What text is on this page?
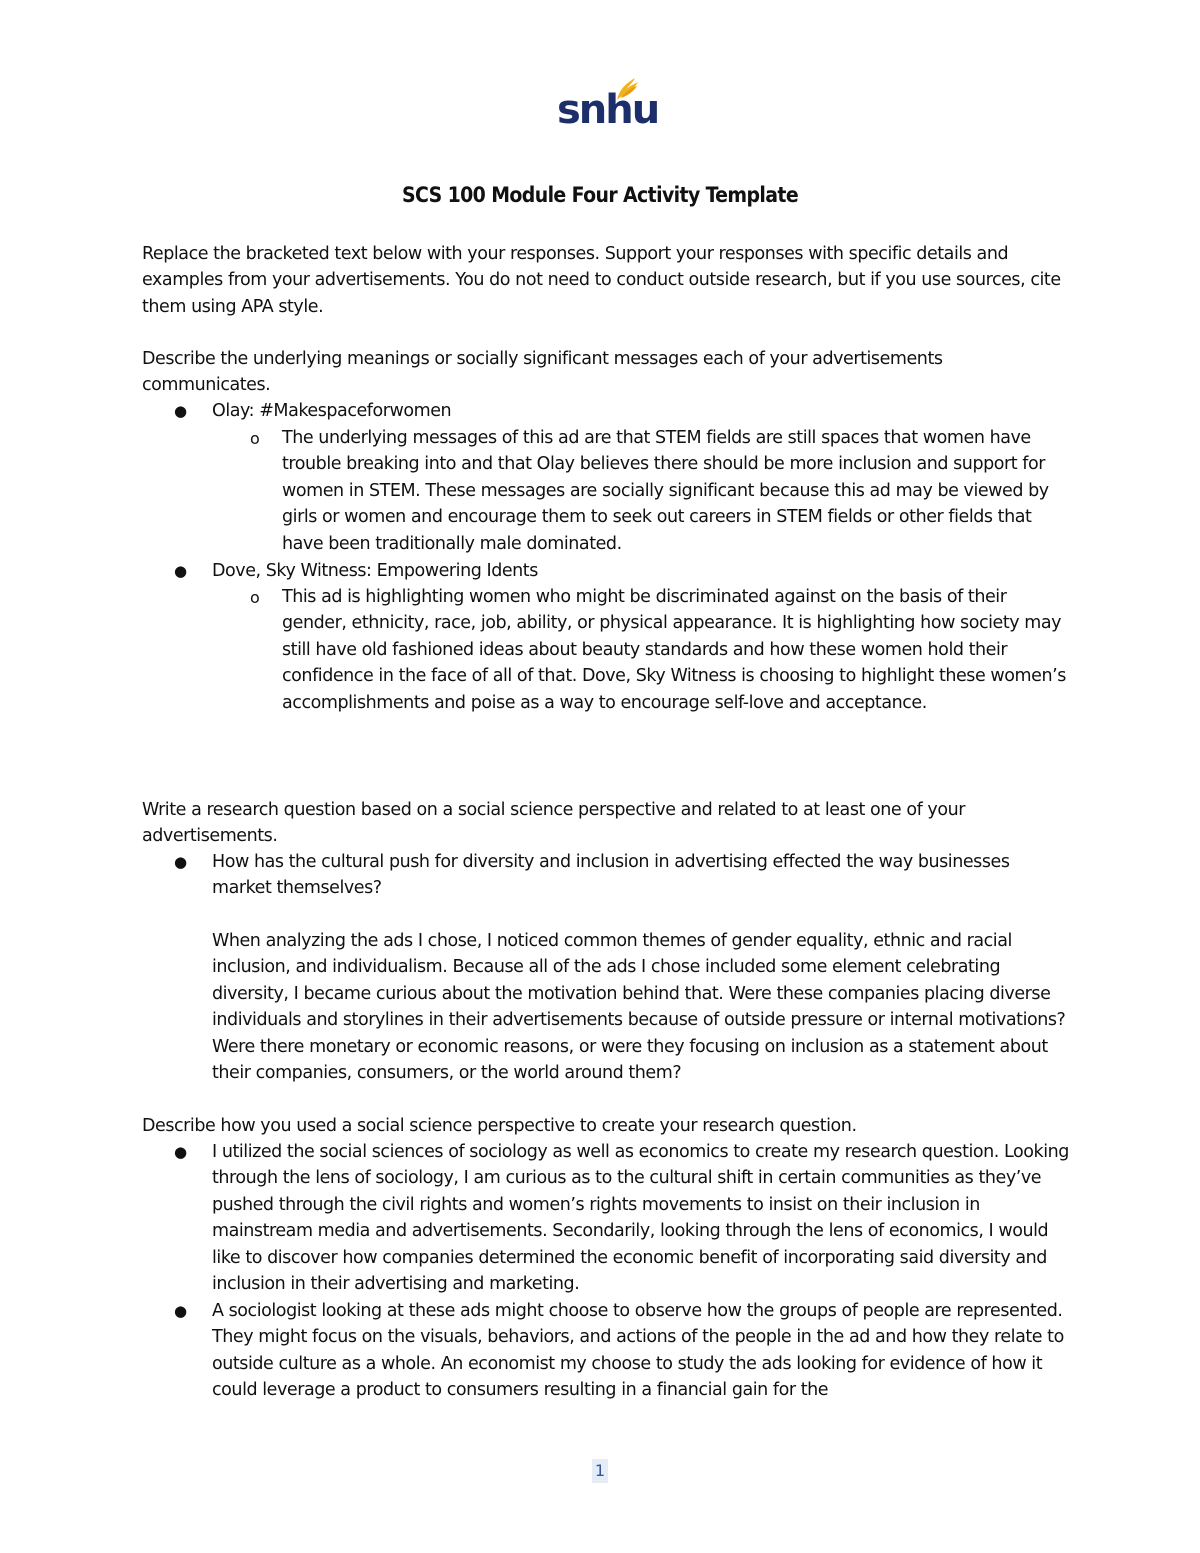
snhu
SCS 100 Module Four Activity Template

Replace the bracketed text below with your responses. Support your responses with specific details and examples from your advertisements. You do not need to conduct outside research, but if you use sources, cite them using APA style.

Describe the underlying meanings or socially significant messages each of your advertisements communicates.

● Olay: #Makespaceforwomen

o The underlying messages of this ad are that STEM fields are still spaces that women have trouble breaking into and that Olay believes there should be more inclusion and support for women in STEM. These messages are socially significant because this ad may be viewed by girls or women and encourage them to seek out careers in STEM fields or other fields that have been traditionally male dominated.

● Dove, Sky Witness: Empowering Idents

o This ad is highlighting women who might be discriminated against on the basis of their gender, ethnicity, race, job, ability, or physical appearance. It is highlighting how society may still have old fashioned ideas about beauty standards and how these women hold their confidence in the face of all of that. Dove, Sky Witness is choosing to highlight these women’s accomplishments and poise as a way to encourage self-love and acceptance.

Write a research question based on a social science perspective and related to at least one of your advertisements.

● How has the cultural push for diversity and inclusion in advertising effected the way businesses market themselves?

When analyzing the ads I chose, I noticed common themes of gender equality, ethnic and racial inclusion, and individualism. Because all of the ads I chose included some element celebrating diversity, I became curious about the motivation behind that. Were these companies placing diverse individuals and storylines in their advertisements because of outside pressure or internal motivations? Were there monetary or economic reasons, or were they focusing on inclusion as a statement about their companies, consumers, or the world around them?

Describe how you used a social science perspective to create your research question.

● I utilized the social sciences of sociology as well as economics to create my research question. Looking through the lens of sociology, I am curious as to the cultural shift in certain communities as they’ve pushed through the civil rights and women’s rights movements to insist on their inclusion in mainstream media and advertisements. Secondarily, looking through the lens of economics, I would like to discover how companies determined the economic benefit of incorporating said diversity and inclusion in their advertising and marketing.

● A sociologist looking at these ads might choose to observe how the groups of people are represented. They might focus on the visuals, behaviors, and actions of the people in the ad and how they relate to outside culture as a whole. An economist my choose to study the ads looking for evidence of how it could leverage a product to consumers resulting in a financial gain for the

1
